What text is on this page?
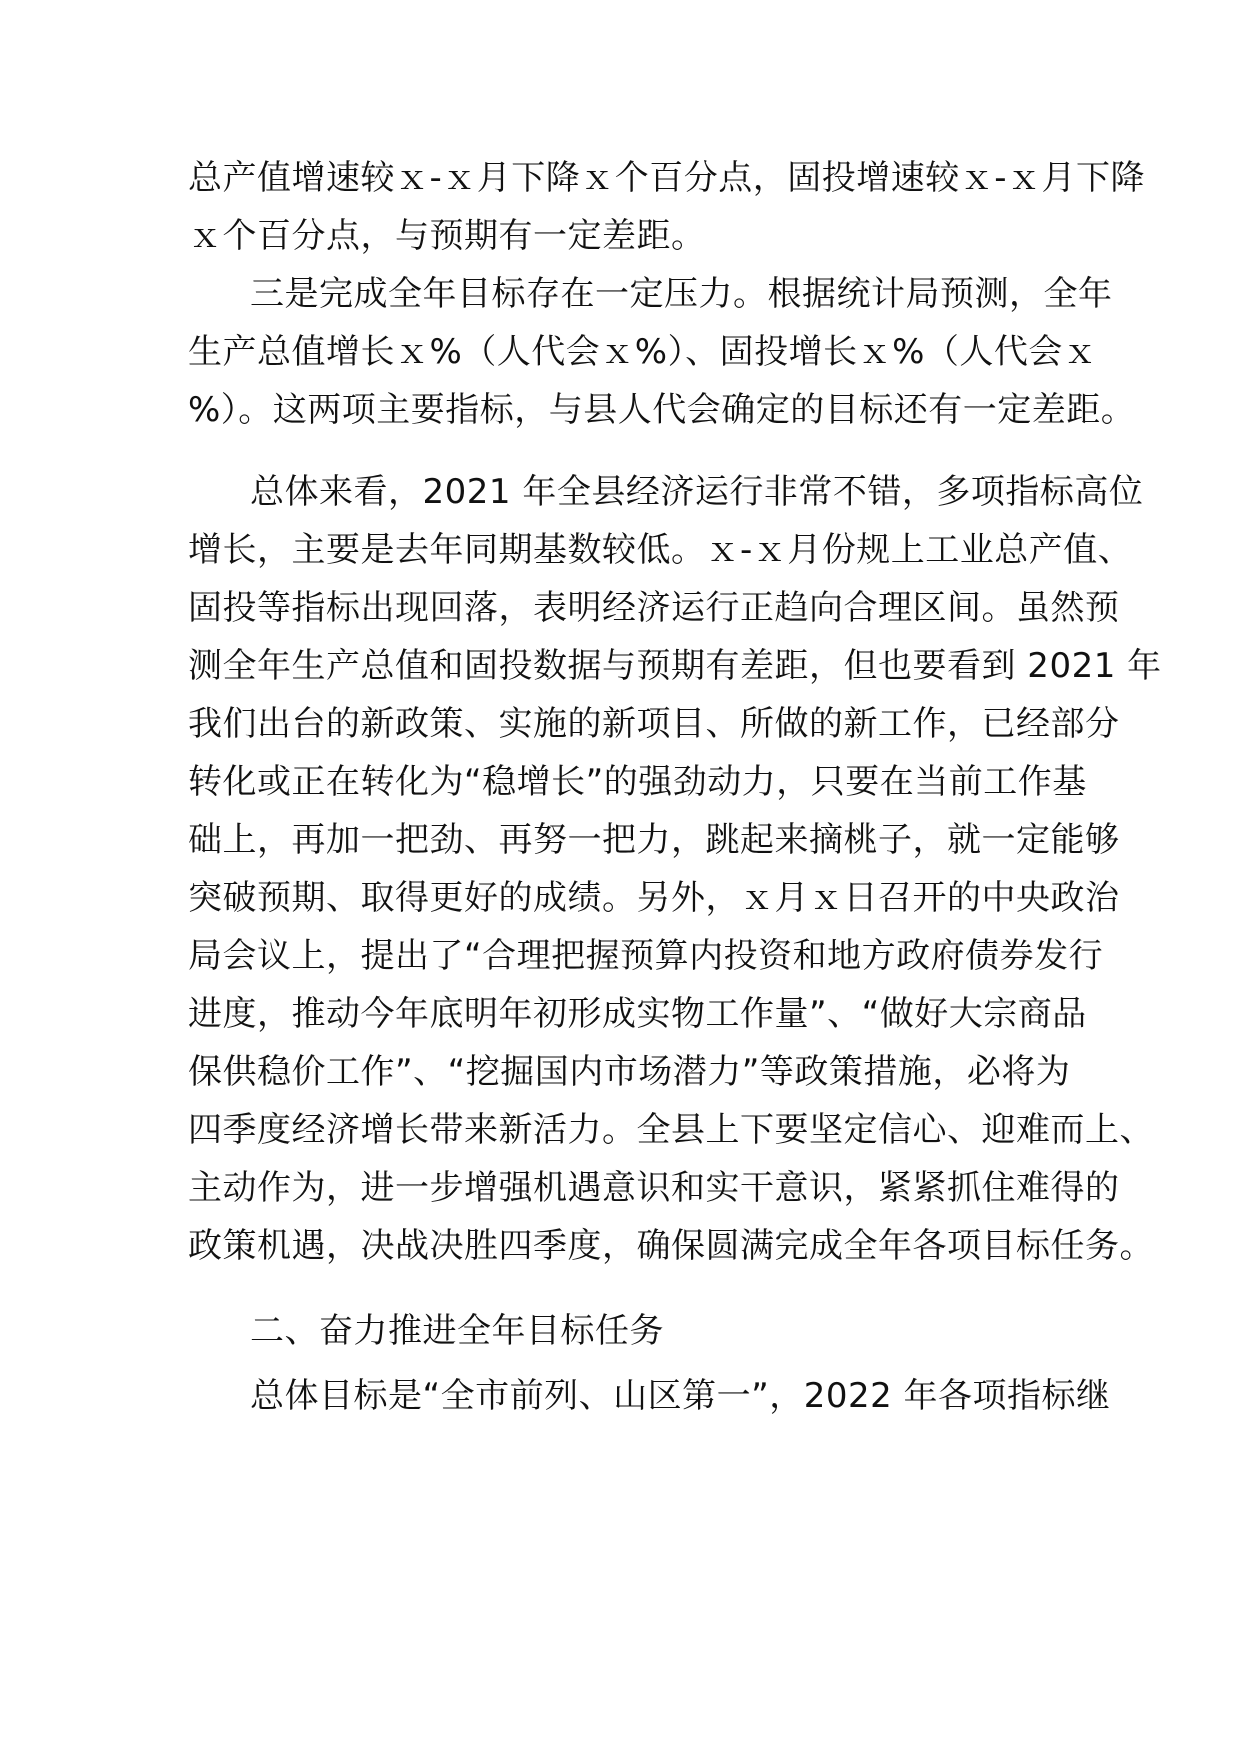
总产值增速较ｘ-ｘ月下降ｘ个百分点，固投增速较ｘ-ｘ月下降
ｘ个百分点，与预期有一定差距。
三是完成全年目标存在一定压力。根据统计局预测，全年
生产总值增长ｘ%（人代会ｘ%）、固投增长ｘ%（人代会ｘ
%）。这两项主要指标，与县人代会确定的目标还有一定差距。
总体来看，2021 年全县经济运行非常不错，多项指标高位
增长，主要是去年同期基数较低。ｘ-ｘ月份规上工业总产值、
固投等指标出现回落，表明经济运行正趋向合理区间。虽然预
测全年生产总值和固投数据与预期有差距，但也要看到 2021 年
我们出台的新政策、实施的新项目、所做的新工作，已经部分
转化或正在转化为“稳增长”的强劲动力，只要在当前工作基
础上，再加一把劲、再努一把力，跳起来摘桃子，就一定能够
突破预期、取得更好的成绩。另外，ｘ月ｘ日召开的中央政治
局会议上，提出了“合理把握预算内投资和地方政府债券发行
进度，推动今年底明年初形成实物工作量”、“做好大宗商品
保供稳价工作”、“挖掘国内市场潜力”等政策措施，必将为
四季度经济增长带来新活力。全县上下要坚定信心、迎难而上、
主动作为，进一步增强机遇意识和实干意识，紧紧抓住难得的
政策机遇，决战决胜四季度，确保圆满完成全年各项目标任务。
二、奋力推进全年目标任务
总体目标是“全市前列、山区第一”，2022 年各项指标继
